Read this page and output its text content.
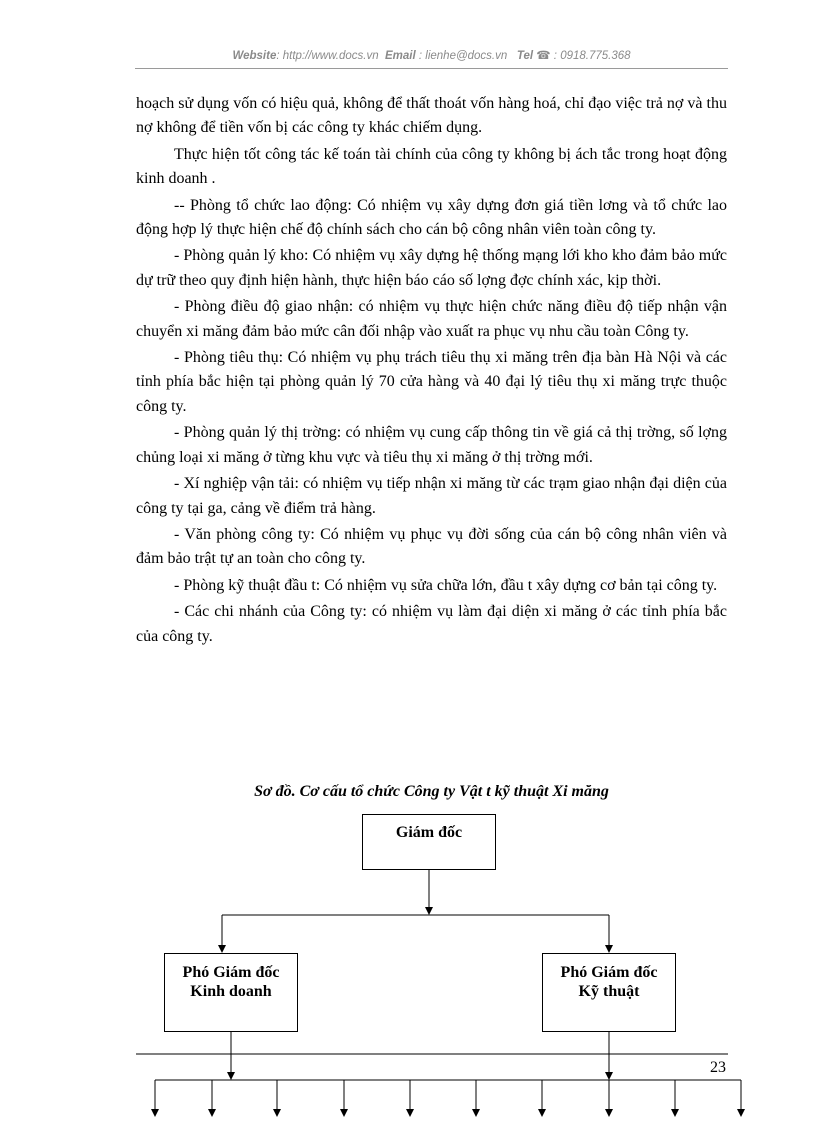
Website: http://www.docs.vn Email : lienhe@docs.vn Tel ☎ : 0918.775.368

hoạch sử dụng vốn có hiệu quả, không để thất thoát vốn hàng hoá, chỉ đạo việc trả nợ và thu nợ không để tiền vốn bị các công ty khác chiếm dụng.

Thực hiện tốt công tác kế toán tài chính của công ty không bị ách tắc trong hoạt động kinh doanh .

-- Phòng tổ chức lao động: Có nhiệm vụ xây dựng đơn giá tiền lơng và tổ chức lao động hợp lý thực hiện chế độ chính sách cho cán bộ công nhân viên toàn công ty.

- Phòng quản lý kho: Có nhiệm vụ xây dựng hệ thống mạng lới kho kho đảm bảo mức dự trữ theo quy định hiện hành, thực hiện báo cáo số lợng đợc chính xác, kịp thời.

- Phòng điều độ giao nhận: có nhiệm vụ thực hiện chức năng điều độ tiếp nhận vận chuyển xi măng đảm bảo mức cân đối nhập vào xuất ra phục vụ nhu cầu toàn Công ty.

- Phòng tiêu thụ: Có nhiệm vụ phụ trách tiêu thụ xi măng trên địa bàn Hà Nội và các tỉnh phía bắc hiện tại phòng quản lý 70 cửa hàng và 40 đại lý tiêu thụ xi măng trực thuộc công ty.

- Phòng quản lý thị trờng: có nhiệm vụ cung cấp thông tin về giá cả thị trờng, số lợng chủng loại xi măng ở từng khu vực và tiêu thụ xi măng ở thị trờng mới.

- Xí nghiệp vận tải: có nhiệm vụ tiếp nhận xi măng từ các trạm giao nhận đại diện của công ty tại ga, cảng về điểm trả hàng.

- Văn phòng công ty: Có nhiệm vụ phục vụ đời sống của cán bộ công nhân viên và đảm bảo trật tự an toàn cho công ty.

- Phòng kỹ thuật đầu t: Có nhiệm vụ sửa chữa lớn, đầu t xây dựng cơ bản tại công ty.

- Các chi nhánh của Công ty: có nhiệm vụ làm đại diện xi măng ở các tỉnh phía bắc của công ty.

Sơ đồ. Cơ cấu tổ chức Công ty Vật t kỹ thuật Xi măng
Giám đốc
Phó Giám đốc
Kinh doanh
Phó Giám đốc
Kỹ thuật
23
